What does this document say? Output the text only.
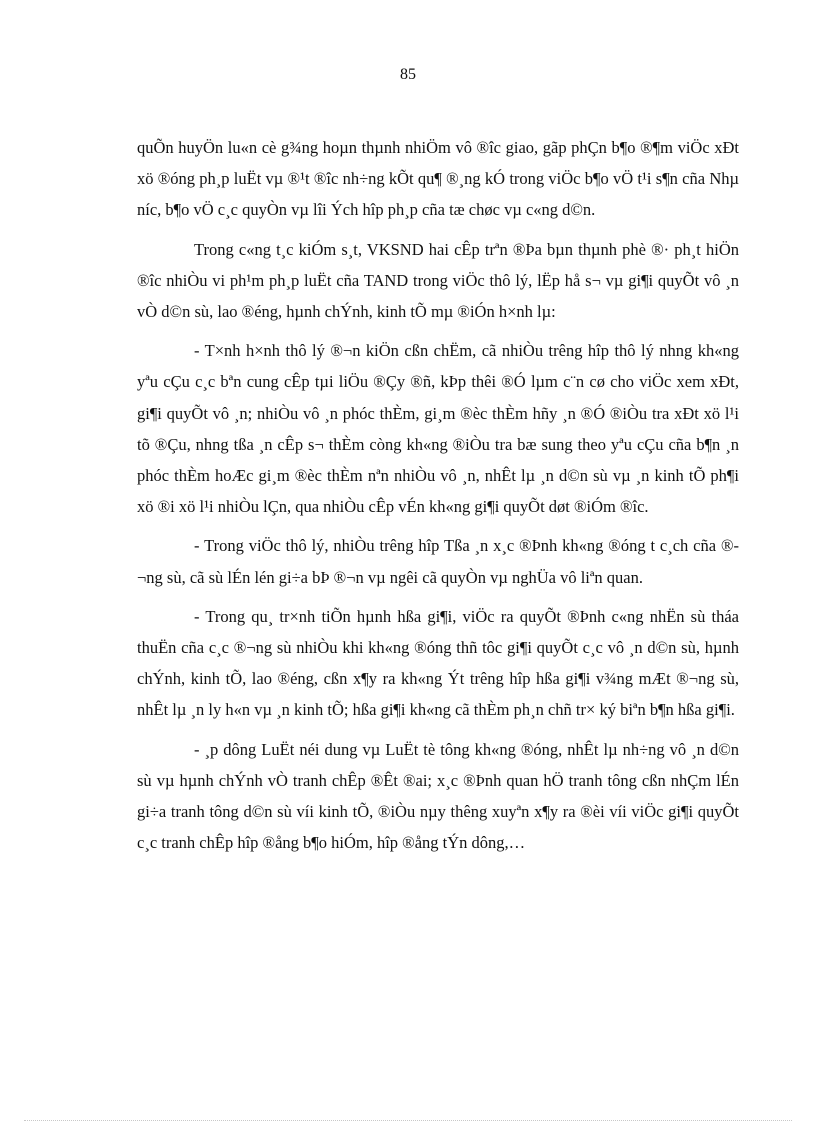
85

quÕn huyÖn lu«n cè g¾ng hoµn thµnh nhiÖm vô ®îc giao, gãp phÇn b¶o ®¶m viÖc xÐt xö ®óng ph¸p luËt vµ ®¹t ®îc nh÷ng kÕt qu¶ ®¸ng kÓ trong viÖc b¶o vÖ t¹i s¶n cña Nhµ níc, b¶o vÖ c¸c quyÒn vµ lîi Ých hîp ph¸p cña tæ chøc vµ c«ng d©n.

Trong c«ng t¸c kiÓm s¸t, VKSND hai cÊp trªn ®Þa bµn thµnh phè ®· ph¸t hiÖn ®îc nhiÒu vi ph¹m ph¸p luËt cña TAND trong viÖc thô lý, lËp hå s¬ vµ gi¶i quyÕt vô ¸n vÒ d©n sù, lao ®éng, hµnh chÝnh, kinh tÕ mµ ®iÓn h×nh lµ:

- T×nh h×nh thô lý ®¬n kiÖn cßn chËm, cã nhiÒu trêng hîp thô lý nhng kh«ng yªu cÇu c¸c bªn cung cÊp tµi liÖu ®Çy ®ñ, kÞp thêi ®Ó lµm c¨n cø cho viÖc xem xÐt, gi¶i quyÕt vô ¸n; nhiÒu vô ¸n phóc thÈm, gi¸m ®èc thÈm hñy ¸n ®Ó ®iÒu tra xÐt xö l¹i tõ ®Çu, nhng tßa ¸n cÊp s¬ thÈm còng kh«ng ®iÒu tra bæ sung theo yªu cÇu cña b¶n ¸n phóc thÈm hoÆc gi¸m ®èc thÈm nªn nhiÒu vô ¸n, nhÊt lµ ¸n d©n sù vµ ¸n kinh tÕ ph¶i xö ®i xö l¹i nhiÒu lÇn, qua nhiÒu cÊp vÉn kh«ng gi¶i quyÕt døt ®iÓm ®îc.

- Trong viÖc thô lý, nhiÒu trêng hîp Tßa ¸n x¸c ®Þnh kh«ng ®óng t c¸ch cña ®¬ng sù, cã sù lÉn lén gi÷a bÞ ®¬n vµ ngêi cã quyÒn vµ nghÜa vô liªn quan.

- Trong qu¸ tr×nh tiÕn hµnh hßa gi¶i, viÖc ra quyÕt ®Þnh c«ng nhËn sù tháa thuËn cña c¸c ®¬ng sù nhiÒu khi kh«ng ®óng thñ tôc gi¶i quyÕt c¸c vô ¸n d©n sù, hµnh chÝnh, kinh tÕ, lao ®éng, cßn x¶y ra kh«ng Ýt trêng hîp hßa gi¶i v¾ng mÆt ®¬ng sù, nhÊt lµ ¸n ly h«n vµ ¸n kinh tÕ; hßa gi¶i kh«ng cã thÈm ph¸n chñ tr× ký biªn b¶n hßa gi¶i.

- ¸p dông LuËt néi dung vµ LuËt tè tông kh«ng ®óng, nhÊt lµ nh÷ng vô ¸n d©n sù vµ hµnh chÝnh vÒ tranh chÊp ®Êt ®ai; x¸c ®Þnh quan hÖ tranh tông cßn nhÇm lÉn gi÷a tranh tông d©n sù víi kinh tÕ, ®iÒu nµy thêng xuyªn x¶y ra ®èi víi viÖc gi¶i quyÕt c¸c tranh chÊp hîp ®ång b¶o hiÓm, hîp ®ång tÝn dông,…
